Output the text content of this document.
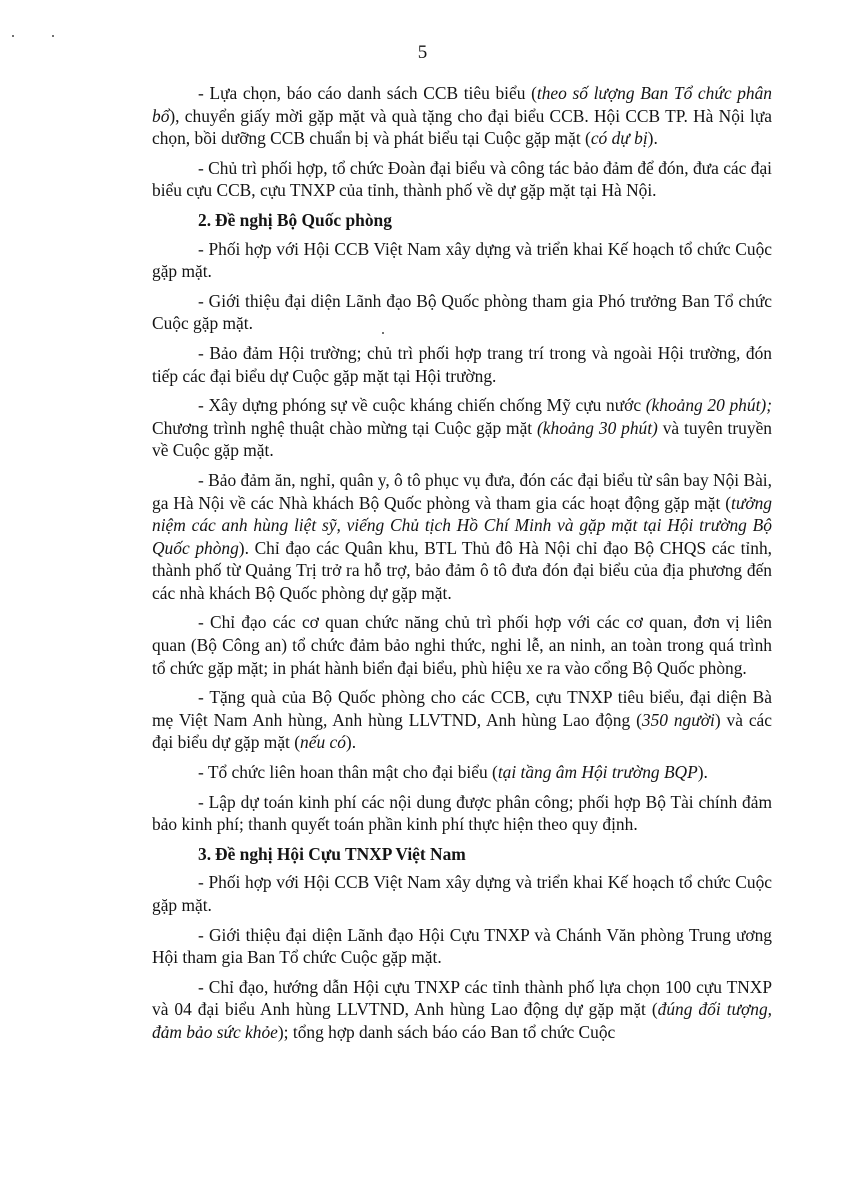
5

- Lựa chọn, báo cáo danh sách CCB tiêu biểu (theo số lượng Ban Tổ chức phân bổ), chuyển giấy mời gặp mặt và quà tặng cho đại biểu CCB. Hội CCB TP. Hà Nội lựa chọn, bồi dưỡng CCB chuẩn bị và phát biểu tại Cuộc gặp mặt (có dự bị).

- Chủ trì phối hợp, tổ chức Đoàn đại biểu và công tác bảo đảm để đón, đưa các đại biểu cựu CCB, cựu TNXP của tỉnh, thành phố về dự gặp mặt tại Hà Nội.

2. Đề nghị Bộ Quốc phòng

- Phối hợp với Hội CCB Việt Nam xây dựng và triển khai Kế hoạch tổ chức Cuộc gặp mặt.

- Giới thiệu đại diện Lãnh đạo Bộ Quốc phòng tham gia Phó trưởng Ban Tổ chức Cuộc gặp mặt.

- Bảo đảm Hội trường; chủ trì phối hợp trang trí trong và ngoài Hội trường, đón tiếp các đại biểu dự Cuộc gặp mặt tại Hội trường.

- Xây dựng phóng sự về cuộc kháng chiến chống Mỹ cựu nước (khoảng 20 phút); Chương trình nghệ thuật chào mừng tại Cuộc gặp mặt (khoảng 30 phút) và tuyên truyền về Cuộc gặp mặt.

- Bảo đảm ăn, nghỉ, quân y, ô tô phục vụ đưa, đón các đại biểu từ sân bay Nội Bài, ga Hà Nội về các Nhà khách Bộ Quốc phòng và tham gia các hoạt động gặp mặt (tưởng niệm các anh hùng liệt sỹ, viếng Chủ tịch Hồ Chí Minh và gặp mặt tại Hội trường Bộ Quốc phòng). Chỉ đạo các Quân khu, BTL Thủ đô Hà Nội chỉ đạo Bộ CHQS các tỉnh, thành phố từ Quảng Trị trở ra hỗ trợ, bảo đảm ô tô đưa đón đại biểu của địa phương đến các nhà khách Bộ Quốc phòng dự gặp mặt.

- Chỉ đạo các cơ quan chức năng chủ trì phối hợp với các cơ quan, đơn vị liên quan (Bộ Công an) tổ chức đảm bảo nghi thức, nghi lễ, an ninh, an toàn trong quá trình tổ chức gặp mặt; in phát hành biển đại biểu, phù hiệu xe ra vào cổng Bộ Quốc phòng.

- Tặng quà của Bộ Quốc phòng cho các CCB, cựu TNXP tiêu biểu, đại diện Bà mẹ Việt Nam Anh hùng, Anh hùng LLVTND, Anh hùng Lao động (350 người) và các đại biểu dự gặp mặt (nếu có).

- Tổ chức liên hoan thân mật cho đại biểu (tại tầng âm Hội trường BQP).

- Lập dự toán kinh phí các nội dung được phân công; phối hợp Bộ Tài chính đảm bảo kinh phí; thanh quyết toán phần kinh phí thực hiện theo quy định.

3. Đề nghị Hội Cựu TNXP Việt Nam

- Phối hợp với Hội CCB Việt Nam xây dựng và triển khai Kế hoạch tổ chức Cuộc gặp mặt.

- Giới thiệu đại diện Lãnh đạo Hội Cựu TNXP và Chánh Văn phòng Trung ương Hội tham gia Ban Tổ chức Cuộc gặp mặt.

- Chỉ đạo, hướng dẫn Hội cựu TNXP các tỉnh thành phố lựa chọn 100 cựu TNXP và 04 đại biểu Anh hùng LLVTND, Anh hùng Lao động dự gặp mặt (đúng đối tượng, đảm bảo sức khỏe); tổng hợp danh sách báo cáo Ban tổ chức Cuộc
